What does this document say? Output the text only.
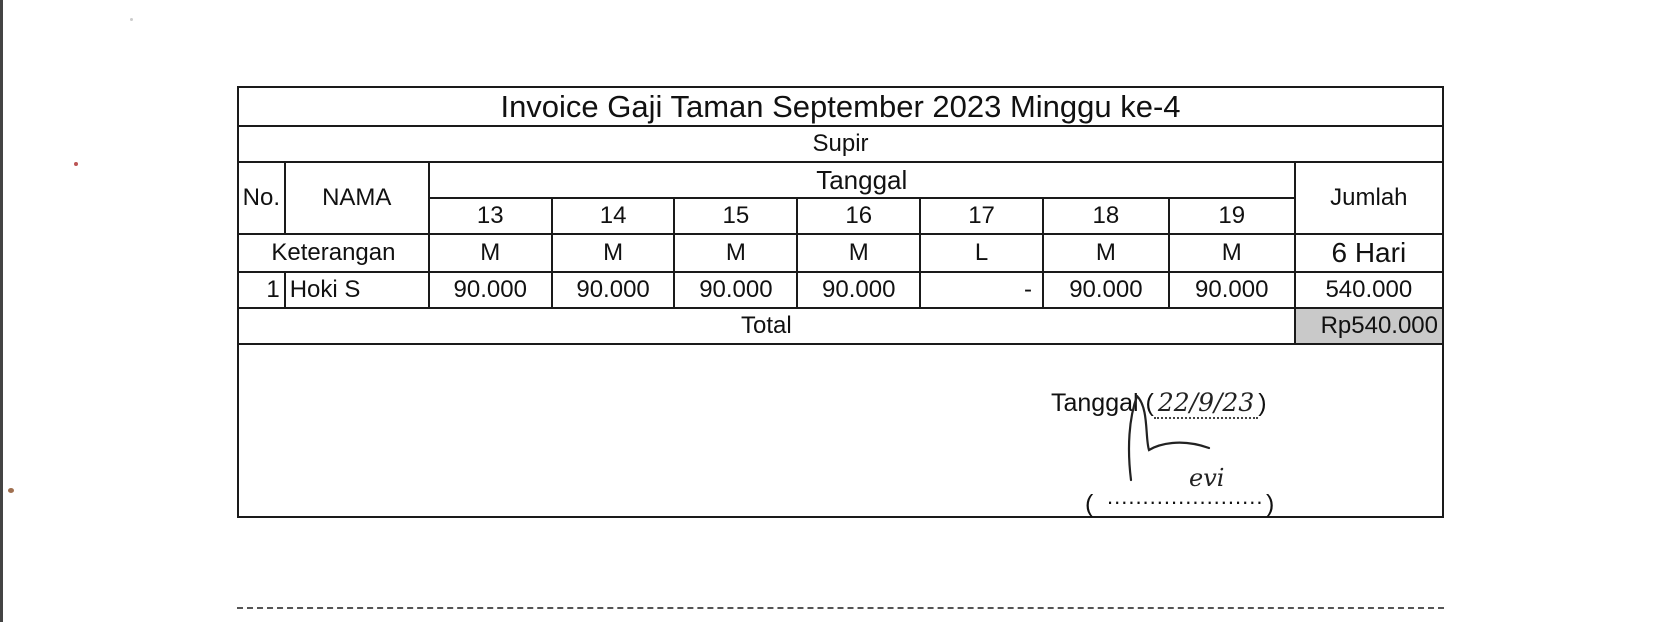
Invoice Gaji Taman September 2023 Minggu ke-4									
Supir									
No.	NAMA	Tanggal							Jumlah
		13	14	15	16	17	18	19	
Keterangan		M	M	M	M	L	M	M	6 Hari
1	Hoki S	90.000	90.000	90.000	90.000	-	90.000	90.000	540.000
Total									Rp540.000
Tanggal ( 22/9/23 )
( ......................
evi
)
